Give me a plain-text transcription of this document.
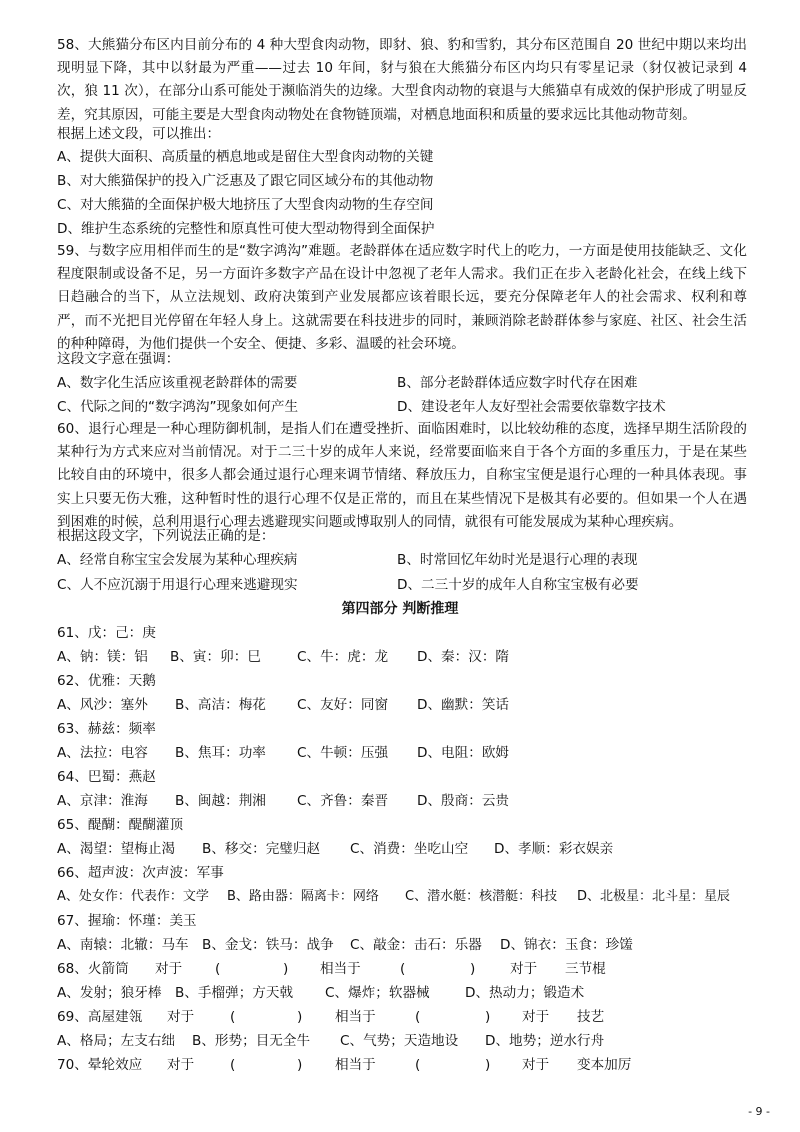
58、大熊猫分布区内目前分布的 4 种大型食肉动物，即豺、狼、豹和雪豹，其分布区范围自 20 世纪中期以来均出现明显下降，其中以豺最为严重——过去 10 年间，豺与狼在大熊猫分布区内均只有零星记录（豺仅被记录到 4次，狼 11 次），在部分山系可能处于濒临消失的边缘。大型食肉动物的衰退与大熊猫卓有成效的保护形成了明显反差，究其原因，可能主要是大型食肉动物处在食物链顶端，对栖息地面积和质量的要求远比其他动物苛刻。
根据上述文段，可以推出：
A、提供大面积、高质量的栖息地或是留住大型食肉动物的关键
B、对大熊猫保护的投入广泛惠及了跟它同区域分布的其他动物
C、对大熊猫的全面保护极大地挤压了大型食肉动物的生存空间
D、维护生态系统的完整性和原真性可使大型动物得到全面保护
59、与数字应用相伴而生的是“数字鸿沟”难题。老龄群体在适应数字时代上的吃力，一方面是使用技能缺乏、文化程度限制或设备不足，另一方面许多数字产品在设计中忽视了老年人需求。我们正在步入老龄化社会，在线上线下日趋融合的当下，从立法规划、政府决策到产业发展都应该着眼长远，要充分保障老年人的社会需求、权利和尊严，而不光把目光停留在年轻人身上。这就需要在科技进步的同时，兼顾消除老龄群体参与家庭、社区、社会生活的种种障碍，为他们提供一个安全、便捷、多彩、温暖的社会环境。
这段文字意在强调：
A、数字化生活应该重视老龄群体的需要	B、部分老龄群体适应数字时代存在困难
C、代际之间的“数字鸿沟”现象如何产生	D、建设老年人友好型社会需要依靠数字技术
60、退行心理是一种心理防御机制，是指人们在遭受挫折、面临困难时，以比较幼稚的态度，选择早期生活阶段的某种行为方式来应对当前情况。对于二三十岁的成年人来说，经常要面临来自于各个方面的多重压力，于是在某些比较自由的环境中，很多人都会通过退行心理来调节情绪、释放压力，自称宝宝便是退行心理的一种具体表现。事实上只要无伤大雅，这种暂时性的退行心理不仅是正常的，而且在某些情况下是极其有必要的。但如果一个人在遇到困难的时候，总利用退行心理去逃避现实问题或博取别人的同情，就很有可能发展成为某种心理疾病。
根据这段文字，下列说法正确的是：
A、经常自称宝宝会发展为某种心理疾病	B、时常回忆年幼时光是退行心理的表现
C、人不应沉溺于用退行心理来逃避现实	D、二三十岁的成年人自称宝宝极有必要
第四部分 判断推理
61、戊：己：庚
A、钠：镁：铝 B、寅：卯：巳	C、牛：虎：龙 D、秦：汉：隋
62、优雅：天鹅
A、风沙：塞外 B、高洁：梅花 C、友好：同窗 D、幽默：笑话
63、赫兹：频率
A、法拉：电容 B、焦耳：功率 C、牛顿：压强 D、电阻：欧姆
64、巴蜀：燕赵
A、京津：淮海 B、闽越：荆湘 C、齐鲁：秦晋 D、殷商：云贵
65、醍醐：醍醐灌顶
A、渴望：望梅止渴 B、移交：完璧归赵 C、消费：坐吃山空 D、孝顺：彩衣娱亲
66、超声波：次声波：军事
A、处女作：代表作：文学 B、路由器：隔离卡：网络 C、潜水艇：核潜艇：科技 D、北极星：北斗星：星辰
67、握瑜：怀瑾：美玉
A、南辕：北辙：马车 B、金戈：铁马：战争 C、敲金：击石：乐器 D、锦衣：玉食：珍馐
68、火箭筒 对于 (	) 相当于	(	)	对于 三节棍
A、发射；狼牙棒 B、手榴弹；方天戟 C、爆炸；软器械	D、热动力；锻造术
69、高屋建瓴 对于	(	) 相当于	(	) 对于 技艺
A、格局；左支右绌 B、形势；目无全牛 C、气势；天造地设 D、地势；逆水行舟
70、晕轮效应 对于	(	) 相当于	(	) 对于 变本加厉
- 9 -
